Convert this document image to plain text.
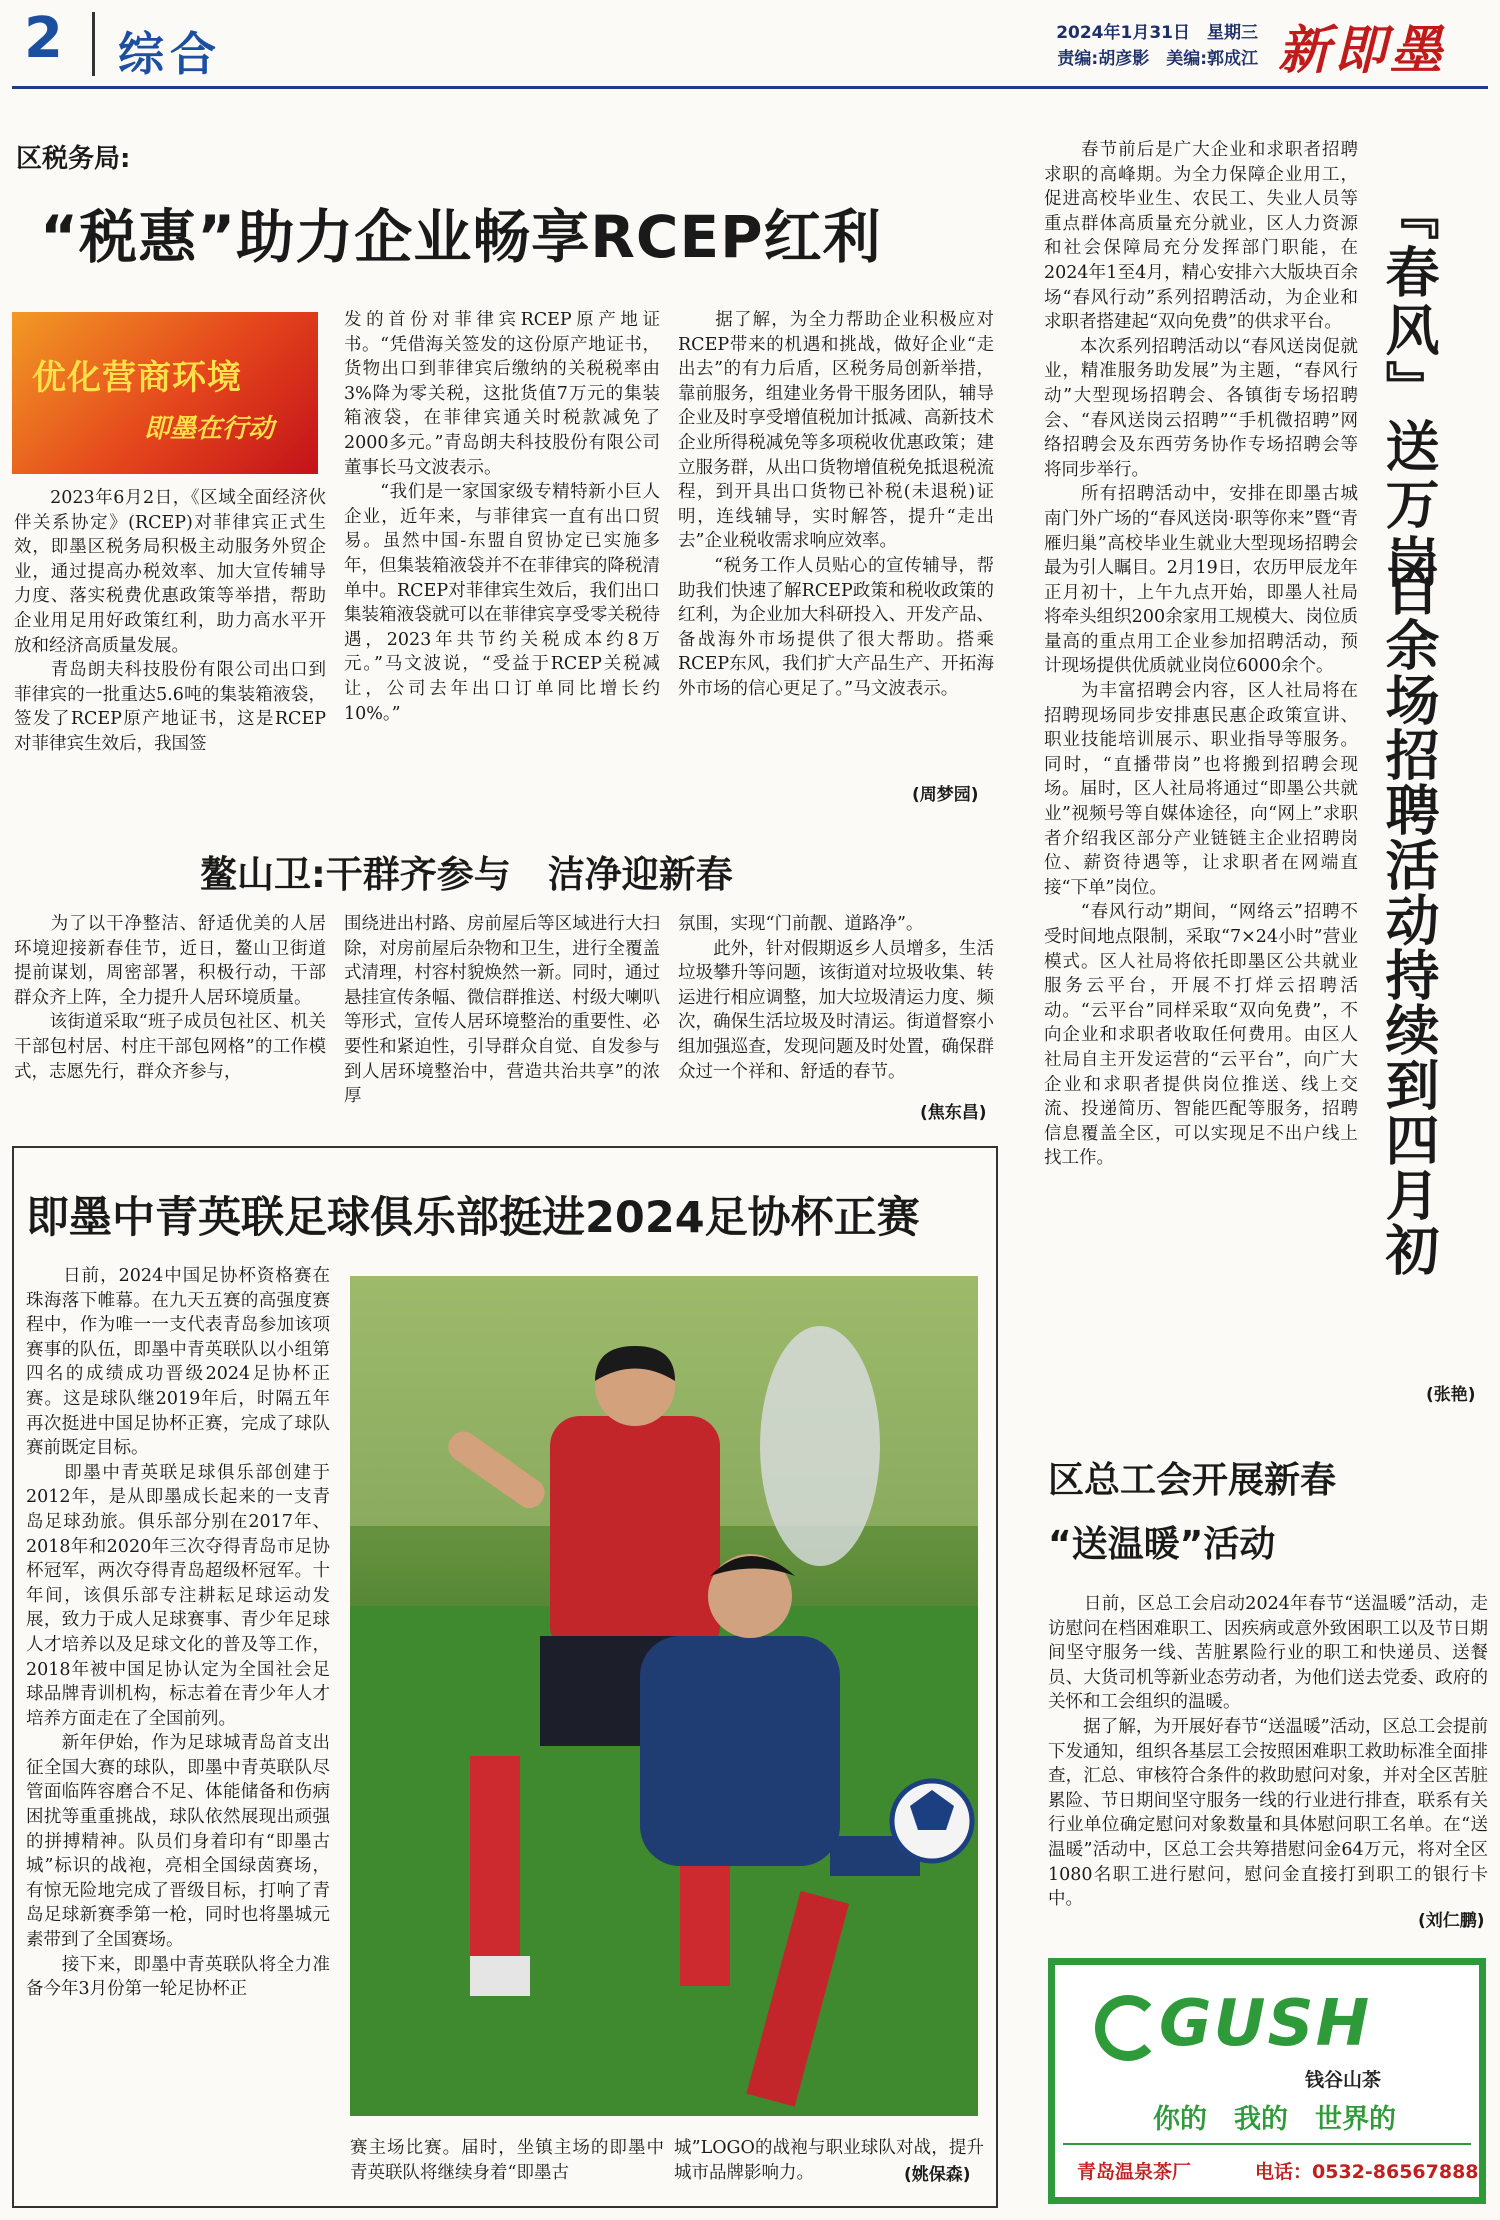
2 综合	2024年1月31日　星期三
责编:胡彦影　美编:郭成江 新即墨
区税务局:
“税惠”助力企业畅享RCEP红利
优化营商环境
即墨在行动
　　2023年6月2日，《区域全面经济伙伴关系协定》(RCEP)对菲律宾正式生效，即墨区税务局积极主动服务外贸企业，通过提高办税效率、加大宣传辅导力度、落实税费优惠政策等举措，帮助企业用足用好政策红利，助力高水平开放和经济高质量发展。
　　青岛朗夫科技股份有限公司出口到菲律宾的一批重达5.6吨的集装箱液袋，签发了RCEP原产地证书，这是RCEP对菲律宾生效后，我国签
发的首份对菲律宾RCEP原产地证书。“凭借海关签发的这份原产地证书，货物出口到菲律宾后缴纳的关税税率由3%降为零关税，这批货值7万元的集装箱液袋，在菲律宾通关时税款减免了2000多元。”青岛朗夫科技股份有限公司董事长马文波表示。
　　“我们是一家国家级专精特新小巨人企业，近年来，与菲律宾一直有出口贸易。虽然中国-东盟自贸协定已实施多年，但集装箱液袋并不在菲律宾的降税清单中。RCEP对菲律宾生效后，我们出口集装箱液袋就可以在菲律宾享受零关税待遇，2023年共节约关税成本约8万元。”马文波说，“受益于RCEP关税减让，公司去年出口订单同比增长约10%。”
　　据了解，为全力帮助企业积极应对RCEP带来的机遇和挑战，做好企业“走出去”的有力后盾，区税务局创新举措，靠前服务，组建业务骨干服务团队，辅导企业及时享受增值税加计抵减、高新技术企业所得税减免等多项税收优惠政策；建立服务群，从出口货物增值税免抵退税流程，到开具出口货物已补税(未退税)证明，连线辅导，实时解答，提升“走出去”企业税收需求响应效率。
　　“税务工作人员贴心的宣传辅导，帮助我们快速了解RCEP政策和税收政策的红利，为企业加大科研投入、开发产品、备战海外市场提供了很大帮助。搭乘RCEP东风，我们扩大产品生产、开拓海外市场的信心更足了。”马文波表示。
(周梦园)
鳌山卫:干群齐参与　洁净迎新春
　　为了以干净整洁、舒适优美的人居环境迎接新春佳节，近日，鳌山卫街道提前谋划，周密部署，积极行动，干部群众齐上阵，全力提升人居环境质量。
　　该街道采取“班子成员包社区、机关干部包村居、村庄干部包网格”的工作模式，志愿先行，群众齐参与，
围绕进出村路、房前屋后等区域进行大扫除，对房前屋后杂物和卫生，进行全覆盖式清理，村容村貌焕然一新。同时，通过悬挂宣传条幅、微信群推送、村级大喇叭等形式，宣传人居环境整治的重要性、必要性和紧迫性，引导群众自觉、自发参与到人居环境整治中，营造共治共享”的浓厚
氛围，实现“门前靓、道路净”。
　　此外，针对假期返乡人员增多，生活垃圾攀升等问题，该街道对垃圾收集、转运进行相应调整，加大垃圾清运力度、频次，确保生活垃圾及时清运。街道督察小组加强巡查，发现问题及时处置，确保群众过一个祥和、舒适的春节。
(焦东昌)
即墨中青英联足球俱乐部挺进2024足协杯正赛
　　日前，2024中国足协杯资格赛在珠海落下帷幕。在九天五赛的高强度赛程中，作为唯一一支代表青岛参加该项赛事的队伍，即墨中青英联队以小组第四名的成绩成功晋级2024足协杯正赛。这是球队继2019年后，时隔五年再次挺进中国足协杯正赛，完成了球队赛前既定目标。
　　即墨中青英联足球俱乐部创建于2012年，是从即墨成长起来的一支青岛足球劲旅。俱乐部分别在2017年、2018年和2020年三次夺得青岛市足协杯冠军，两次夺得青岛超级杯冠军。十年间，该俱乐部专注耕耘足球运动发展，致力于成人足球赛事、青少年足球人才培养以及足球文化的普及等工作，2018年被中国足协认定为全国社会足球品牌青训机构，标志着在青少年人才培养方面走在了全国前列。
　　新年伊始，作为足球城青岛首支出征全国大赛的球队，即墨中青英联队尽管面临阵容磨合不足、体能储备和伤病困扰等重重挑战，球队依然展现出顽强的拼搏精神。队员们身着印有“即墨古城”标识的战袍，亮相全国绿茵赛场，有惊无险地完成了晋级目标，打响了青岛足球新赛季第一枪，同时也将墨城元素带到了全国赛场。
　　接下来，即墨中青英联队将全力准备今年3月份第一轮足协杯正
赛主场比赛。届时，坐镇主场的即墨中青英联队将继续身着“即墨古
城”LOGO的战袍与职业球队对战，提升城市品牌影响力。	(姚保森)
　　春节前后是广大企业和求职者招聘求职的高峰期。为全力保障企业用工，促进高校毕业生、农民工、失业人员等重点群体高质量充分就业，区人力资源和社会保障局充分发挥部门职能，在2024年1至4月，精心安排六大版块百余场“春风行动”系列招聘活动，为企业和求职者搭建起“双向免费”的供求平台。
　　本次系列招聘活动以“春风送岗促就业，精准服务助发展”为主题，“春风行动”大型现场招聘会、各镇街专场招聘会、“春风送岗云招聘”“手机微招聘”网络招聘会及东西劳务协作专场招聘会等将同步举行。
　　所有招聘活动中，安排在即墨古城南门外广场的“春风送岗·职等你来”暨“青雁归巢”高校毕业生就业大型现场招聘会最为引人瞩目。2月19日，农历甲辰龙年正月初十，上午九点开始，即墨人社局将牵头组织200余家用工规模大、岗位质量高的重点用工企业参加招聘活动，预计现场提供优质就业岗位6000余个。
　　为丰富招聘会内容，区人社局将在招聘现场同步安排惠民惠企政策宣讲、职业技能培训展示、职业指导等服务。同时，“直播带岗”也将搬到招聘会现场。届时，区人社局将通过“即墨公共就业”视频号等自媒体途径，向“网上”求职者介绍我区部分产业链链主企业招聘岗位、薪资待遇等，让求职者在网端直接“下单”岗位。
　　“春风行动”期间，“网络云”招聘不受时间地点限制，采取“7×24小时”营业模式。区人社局将依托即墨区公共就业服务云平台，开展不打烊云招聘活动。“云平台”同样采取“双向免费”，不向企业和求职者收取任何费用。由区人社局自主开发运营的“云平台”，向广大企业和求职者提供岗位推送、线上交流、投递简历、智能匹配等服务，招聘信息覆盖全区，可以实现足不出户线上找工作。
『春风』送万岗
百余场招聘活动持续到四月初
(张艳)
区总工会开展新春
“送温暖”活动
　　日前，区总工会启动2024年春节“送温暖”活动，走访慰问在档困难职工、因疾病或意外致困职工以及节日期间坚守服务一线、苦脏累险行业的职工和快递员、送餐员、大货司机等新业态劳动者，为他们送去党委、政府的关怀和工会组织的温暖。
　　据了解，为开展好春节“送温暖”活动，区总工会提前下发通知，组织各基层工会按照困难职工救助标准全面排查，汇总、审核符合条件的救助慰问对象，并对全区苦脏累险、节日期间坚守服务一线的行业进行排查，联系有关行业单位确定慰问对象数量和具体慰问职工名单。在“送温暖”活动中，区总工会共筹措慰问金64万元，将对全区1080名职工进行慰问，慰问金直接打到职工的银行卡中。
(刘仁鹏)
GUSH
钱谷山茶
你的　我的　世界的
青岛温泉茶厂	电话：0532-86567888
